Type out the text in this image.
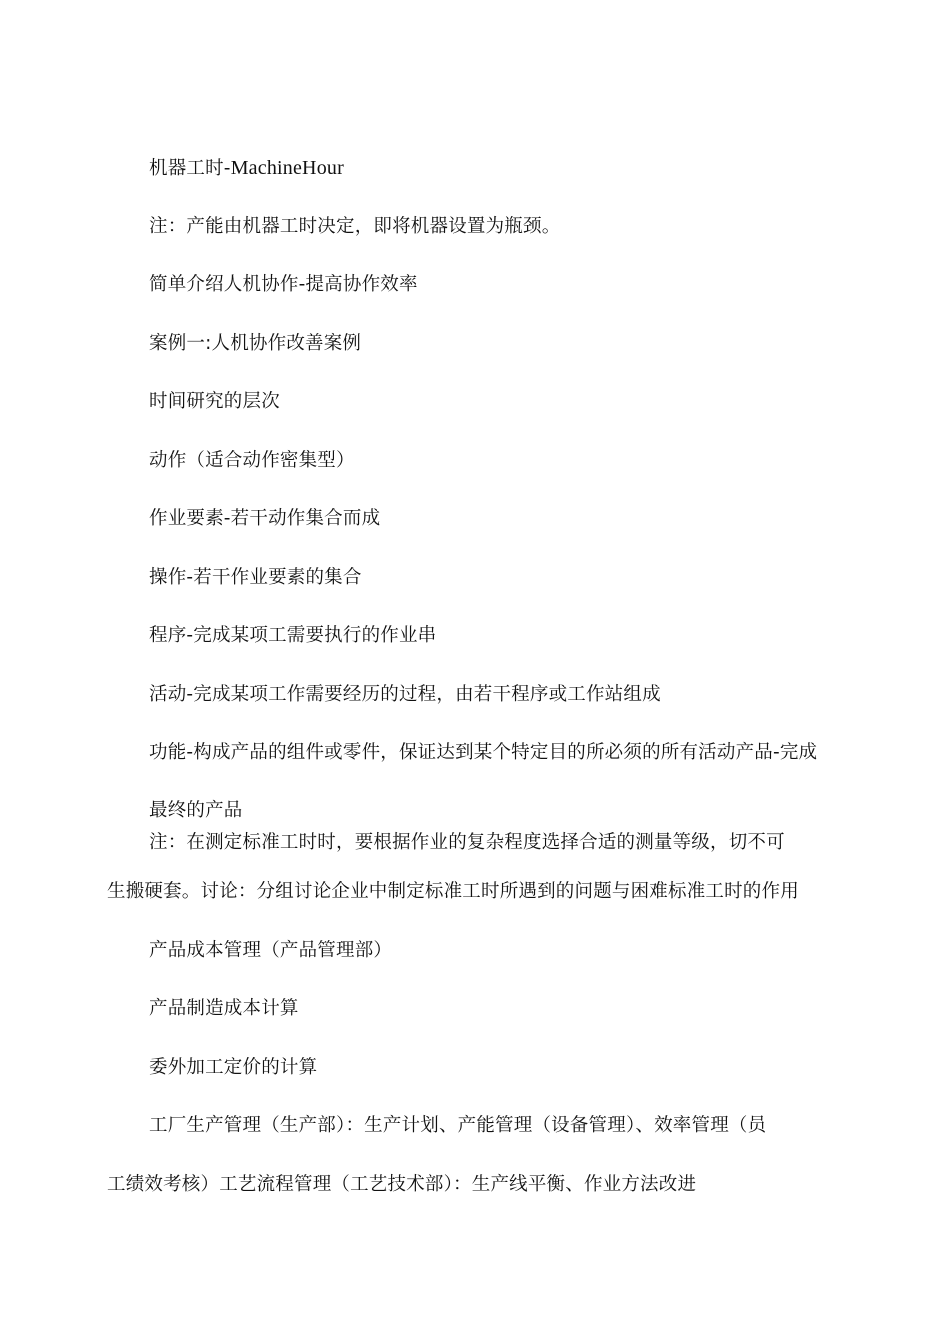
机器工时-MachineHour
注：产能由机器工时决定，即将机器设置为瓶颈。
简单介绍人机协作-提高协作效率
案例一:人机协作改善案例
时间研究的层次
动作（适合动作密集型）
作业要素-若干动作集合而成
操作-若干作业要素的集合
程序-完成某项工需要执行的作业串
活动-完成某项工作需要经历的过程，由若干程序或工作站组成
功能-构成产品的组件或零件，保证达到某个特定目的所必须的所有活动产品-完成
最终的产品
注：在测定标准工时时，要根据作业的复杂程度选择合适的测量等级，切不可
生搬硬套。讨论：分组讨论企业中制定标准工时所遇到的问题与困难标准工时的作用
产品成本管理（产品管理部）
产品制造成本计算
委外加工定价的计算
工厂生产管理（生产部）：生产计划、产能管理（设备管理）、效率管理（员
工绩效考核）工艺流程管理（工艺技术部）：生产线平衡、作业方法改进
